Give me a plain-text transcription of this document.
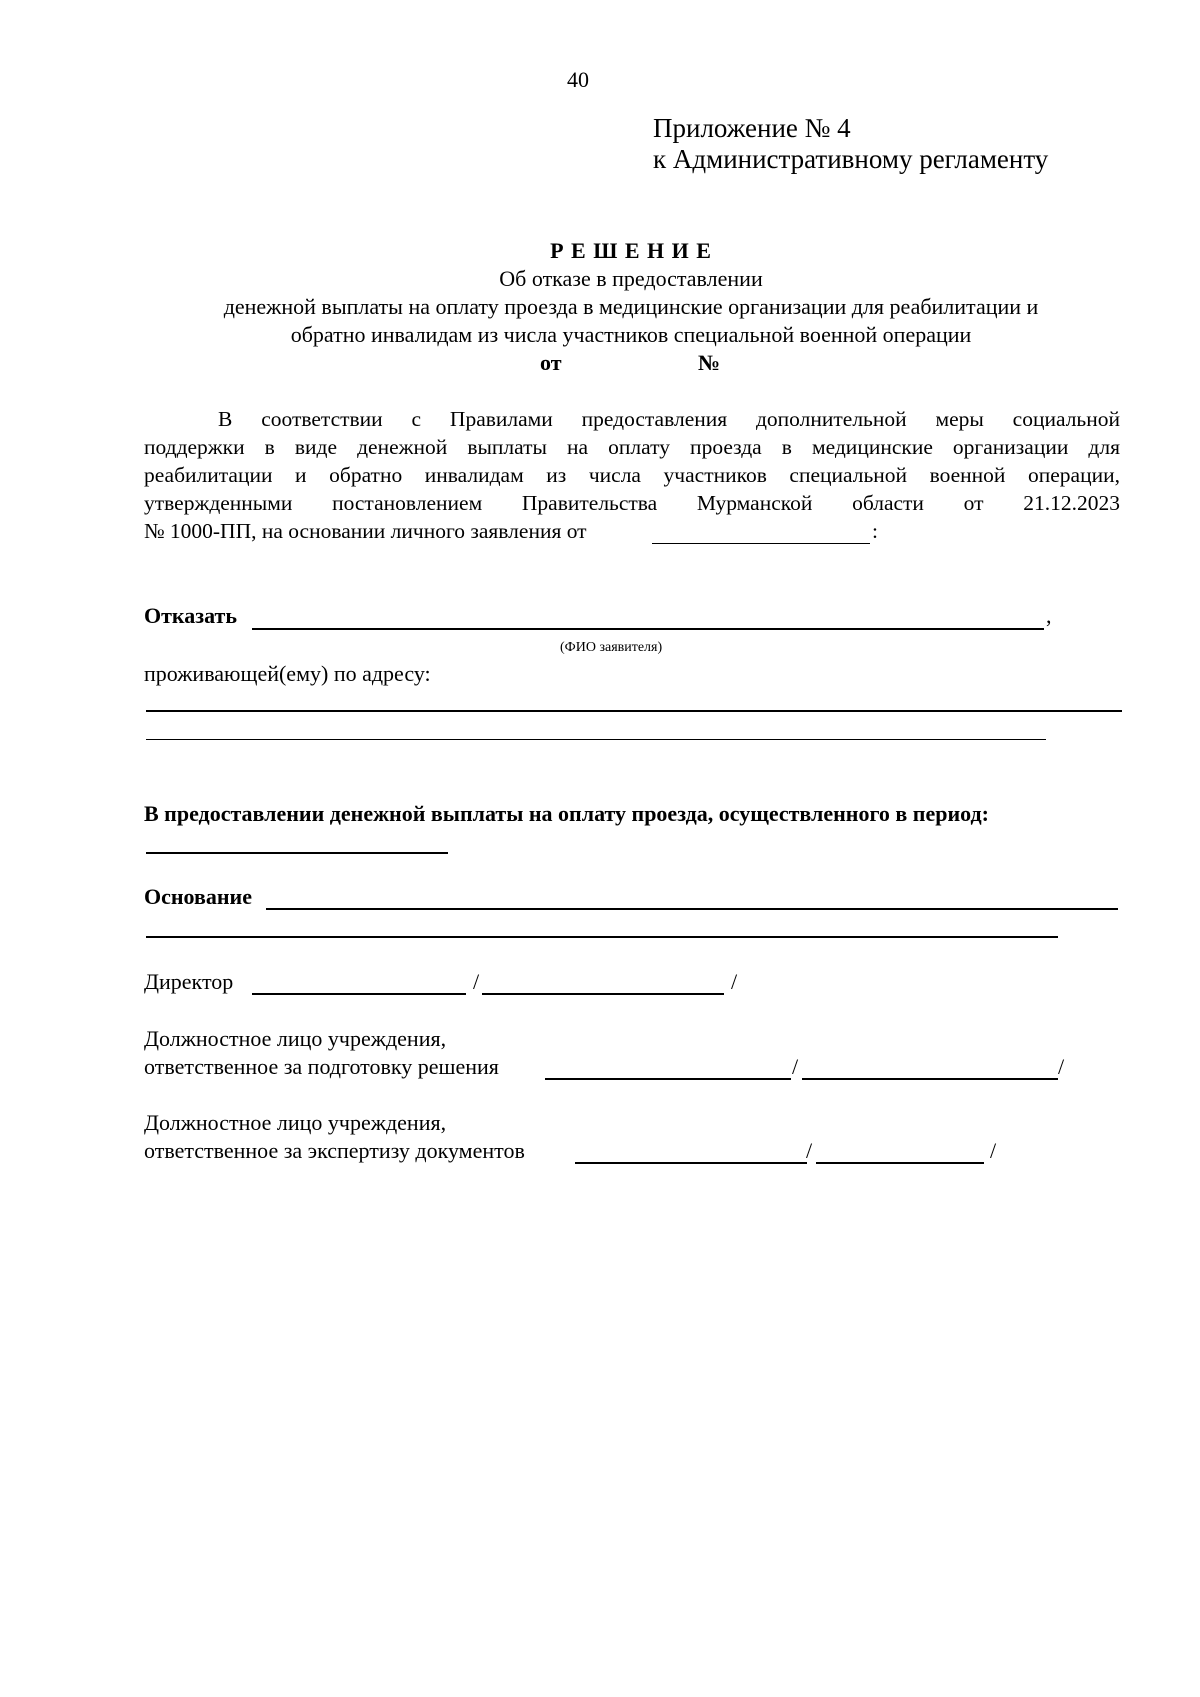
40
Приложение № 4
к Административному регламенту
Р Е Ш Е Н И Е
Об отказе в предоставлении
денежной выплаты на оплату проезда в медицинские организации для реабилитации и
обратно инвалидам из числа участников специальной военной операции
от	№
В соответствии с Правилами предоставления дополнительной меры социальной
поддержки в виде денежной выплаты на оплату проезда в медицинские организации для
реабилитации и обратно инвалидам из числа участников специальной военной операции,
утвержденными постановлением Правительства Мурманской области от 21.12.2023
№ 1000-ПП, на основании личного заявления от	:
Отказать	,
(ФИО заявителя)
проживающей(ему) по адресу:
В предоставлении денежной выплаты на оплату проезда, осуществленного в период:
Основание
Директор	/	/
Должностное лицо учреждения,
ответственное за подготовку решения	/	/
Должностное лицо учреждения,
ответственное за экспертизу документов	/	/
